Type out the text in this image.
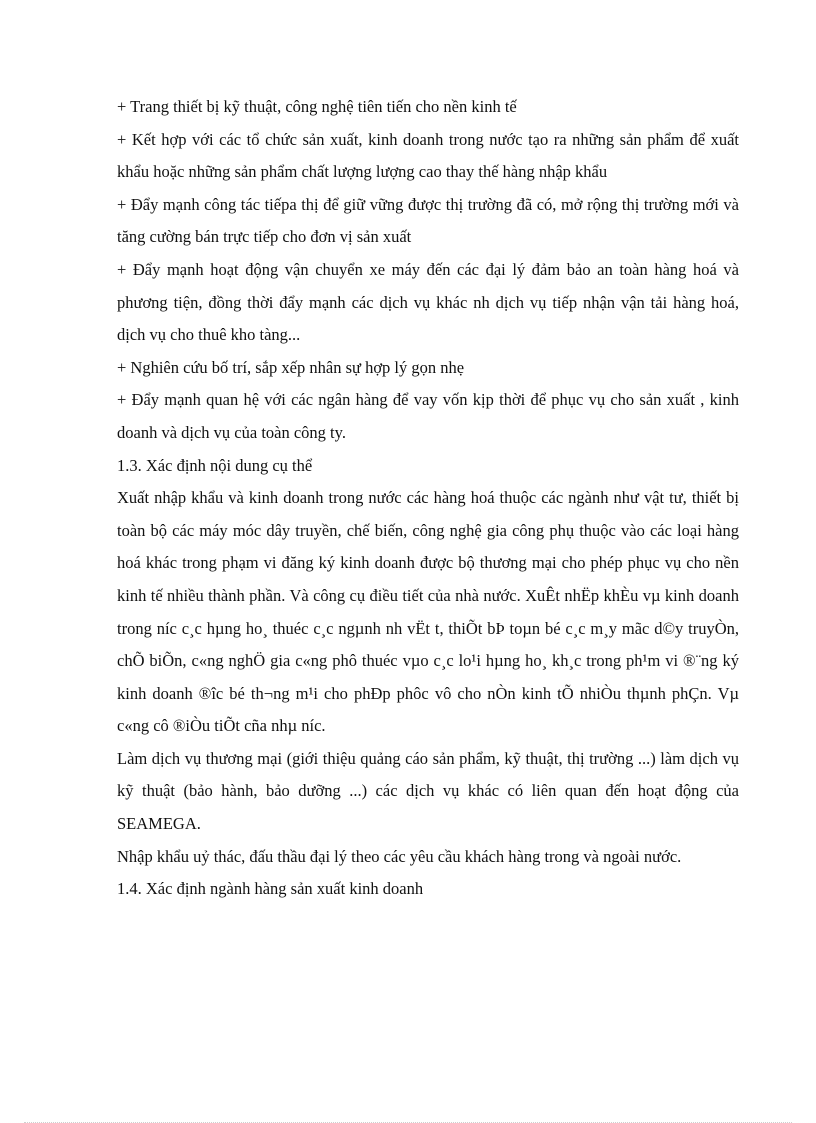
+ Trang thiết bị kỹ thuật, công nghệ tiên tiến cho nền kinh tế

+ Kết hợp với các tổ chức sản xuất, kinh doanh trong nước tạo ra những sản phẩm để xuất khẩu hoặc những sản phẩm chất lượng lượng cao thay thế hàng nhập khẩu

+ Đẩy mạnh công tác tiếpa thị để giữ vững được thị trường đã có, mở rộng thị trường mới và tăng cường bán trực tiếp cho đơn vị sản xuất

+ Đẩy mạnh hoạt động vận chuyển xe máy đến các đại lý đảm bảo an toàn hàng hoá và phương tiện, đồng thời đẩy mạnh các dịch vụ khác nh dịch vụ tiếp nhận vận tải hàng hoá, dịch vụ cho thuê kho tàng...

+ Nghiên cứu bố trí, sắp xếp nhân sự hợp lý gọn nhẹ

+ Đẩy mạnh quan hệ với các ngân hàng để vay vốn kịp thời để phục vụ cho sản xuất , kinh doanh và dịch vụ của toàn công ty.

1.3. Xác định nội dung cụ thể

Xuất nhập khẩu và kinh doanh trong nước các hàng hoá thuộc các ngành như vật tư, thiết bị toàn bộ các máy móc dây truyền, chế biến, công nghệ gia công phụ thuộc vào các loại hàng hoá khác trong phạm vi đăng ký kinh doanh được bộ thương mại cho phép phục vụ cho nền kinh tế nhiều thành phần. Và công cụ điều tiết của nhà nước. XuÊt nhËp khÈu vµ kinh doanh trong níc c¸c hµng ho¸ thuéc c¸c ngµnh nh vËt t, thiÕt bÞ toµn bé c¸c m¸y mãc d©y truyÒn, chÕ biÕn, c«ng nghÖ gia c«ng phô thuéc vµo c¸c lo¹i hµng ho¸ kh¸c trong ph¹m vi ®¨ng ký kinh doanh ®îc bé th¬ng m¹i cho phÐp phôc vô cho nÒn kinh tÕ nhiÒu thµnh phÇn. Vµ c«ng cô ®iÒu tiÕt cña nhµ níc.

Làm dịch vụ thương mại (giới thiệu quảng cáo sản phẩm, kỹ thuật, thị trường ...) làm dịch vụ kỹ thuật (bảo hành, bảo dưỡng ...) các dịch vụ khác có liên quan đến hoạt động của SEAMEGA.

Nhập khẩu uỷ thác, đấu thầu đại lý theo các yêu cầu khách hàng trong và ngoài nước.

1.4. Xác định ngành hàng sản xuất kinh doanh
